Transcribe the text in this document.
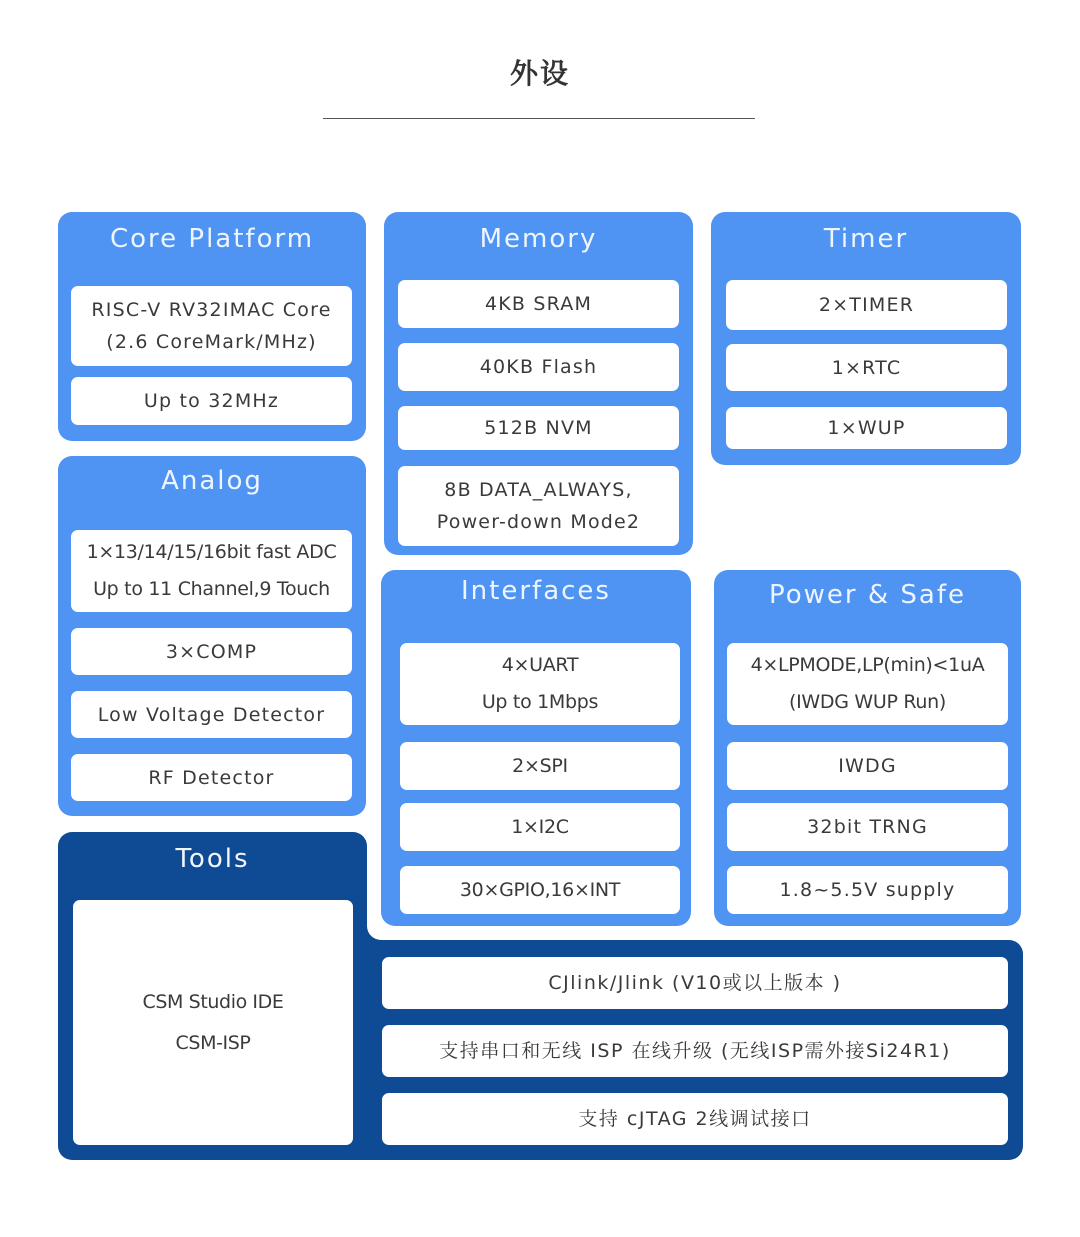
外设
Core Platform
RISC-V RV32IMAC Core
(2.6 CoreMark/MHz)
Up to 32MHz
Memory
4KB SRAM
40KB Flash
512B NVM
8B DATA_ALWAYS,
Power-down Mode2
Timer
2×TIMER
1×RTC
1×WUP
Analog
1×13/14/15/16bit fast ADC
Up to 11 Channel,9 Touch
3×COMP
Low Voltage Detector
RF Detector
Interfaces
4×UART
Up to 1Mbps
2×SPI
1×I2C
30×GPIO,16×INT
Power & Safe
4×LPMODE,LP(min)<1uA
(IWDG WUP Run)
IWDG
32bit TRNG
1.8~5.5V supply
Tools
CSM Studio IDE
CSM-ISP
CJlink/Jlink (V10或以上版本 )
支持串口和无线 ISP 在线升级 (无线ISP需外接Si24R1)
支持 cJTAG 2线调试接口
